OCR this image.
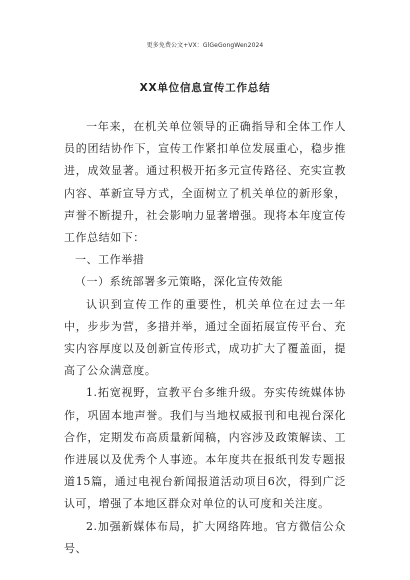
更多免费公文+VX：GlGeGongWen2024
XX单位信息宣传工作总结

一年来，在机关单位领导的正确指导和全体工作人员的团结协作下，宣传工作紧扣单位发展重心，稳步推进，成效显著。通过积极开拓多元宣传路径、充实宣教内容、革新宣导方式，全面树立了机关单位的新形象，声誉不断提升，社会影响力显著增强。现将本年度宣传工作总结如下：

一、工作举措

（一）系统部署多元策略，深化宣传效能

认识到宣传工作的重要性，机关单位在过去一年中，步步为营，多措并举，通过全面拓展宣传平台、充实内容厚度以及创新宣传形式，成功扩大了覆盖面，提高了公众满意度。

1.拓宽视野，宣教平台多维升级。夯实传统媒体协作，巩固本地声誉。我们与当地权威报刊和电视台深化合作，定期发布高质量新闻稿，内容涉及政策解读、工作进展以及优秀个人事迹。本年度共在报纸刊发专题报道15篇，通过电视台新闻报道活动项目6次，得到广泛认可，增强了本地区群众对单位的认可度和关注度。

2.加强新媒体布局，扩大网络阵地。官方微信公众号、
